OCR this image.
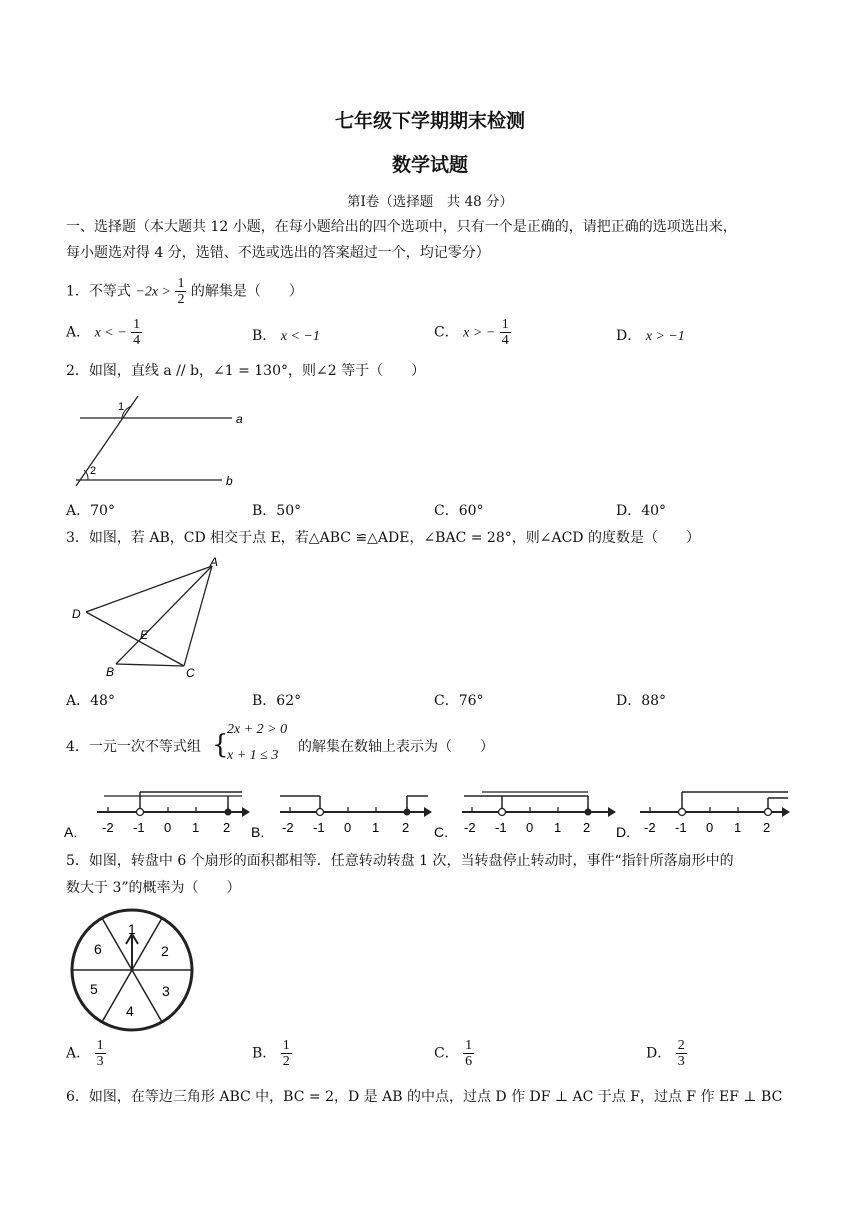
七年级下学期期末检测
数学试题
第Ⅰ卷（选择题　共 48 分）
一、选择题（本大题共 12 小题，在每小题给出的四个选项中，只有一个是正确的，请把正确的选项选出来，
每小题选对得 4 分，选错、不选或选出的答案超过一个，均记零分）
1．不等式 $-2x > \frac{1}{2}$ 的解集是（　　）
A． x < − $\frac{1}{4}$	B． x < −1	C． x > − $\frac{1}{4}$	D． x > −1
2．如图，直线 a // b，∠1 = 130°，则∠2 等于（　　）
a
b
1
2
A．70°	B．50°	C．60°	D．40°
3．如图，若 AB，CD 相交于点 E，若△ABC ≌△ADE，∠BAC = 28°，则∠ACD 的度数是（　　）
A
B	C
D
E
A．48°	B．62°	C．76°	D．88°
4．一元一次不等式组 {
2x + 2 > 0
x + 1 ≤ 3
的解集在数轴上表示为（　　）
A. -2 -1 0 1 2 B. -2 -1 0 1 2 C. -2 -1 0 1 2 D. -2 -1 0 1 2
5．如图，转盘中 6 个扇形的面积都相等．任意转动转盘 1 次，当转盘停止转动时，事件“指针所落扇形中的
数大于 3”的概率为（　　）
1
2
3
4
5
6
A． $\frac{1}{3}$	B． $\frac{1}{2}$	C． $\frac{1}{6}$	D． $\frac{2}{3}$
6．如图，在等边三角形 ABC 中，BC = 2，D 是 AB 的中点，过点 D 作 DF ⊥ AC 于点 F，过点 F 作 EF ⊥ BC
